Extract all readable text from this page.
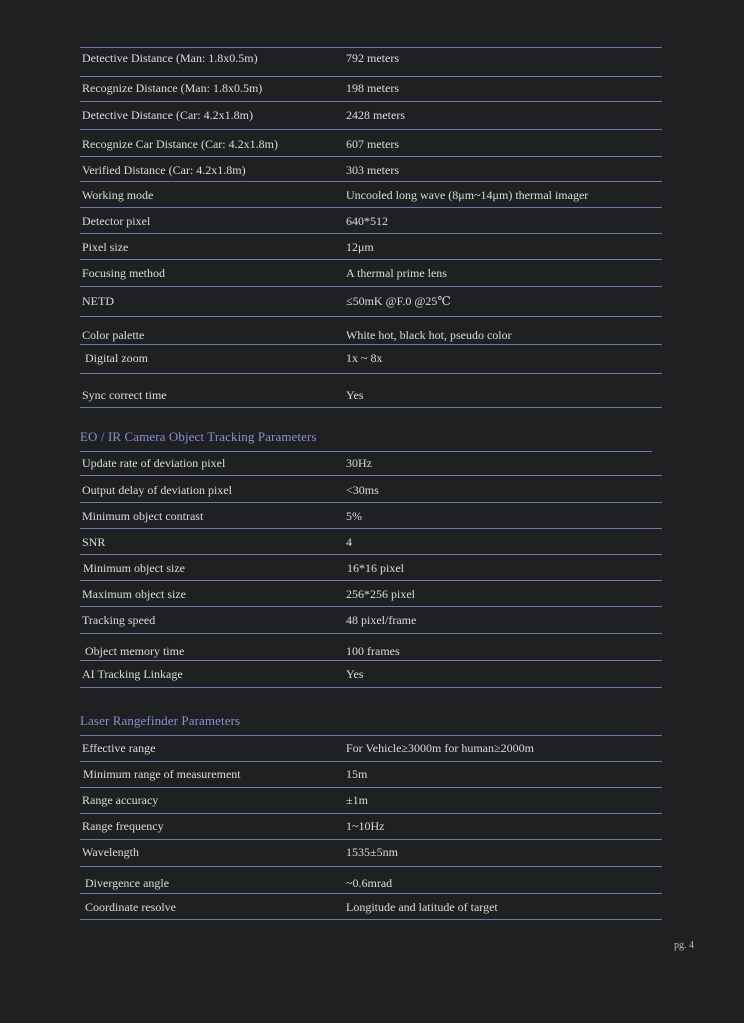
Detective Distance (Man: 1.8x0.5m)	792 meters
Recognize Distance (Man: 1.8x0.5m)	198 meters
Detective Distance (Car: 4.2x1.8m)	2428 meters
Recognize Car Distance (Car: 4.2x1.8m)	607 meters
Verified Distance (Car: 4.2x1.8m)	303 meters
Working mode	Uncooled long wave (8μm~14μm) thermal imager
Detector pixel	640*512
Pixel size	12μm
Focusing method	A thermal prime lens
NETD	≤50mK @F.0 @25℃
Color palette	White hot, black hot, pseudo color
Digital zoom	1x ~ 8x
Sync correct time	Yes
EO / IR Camera Object Tracking Parameters
Update rate of deviation pixel	30Hz
Output delay of deviation pixel	<30ms
Minimum object contrast	5%
SNR	4
Minimum object size	16*16 pixel
Maximum object size	256*256 pixel
Tracking speed	48 pixel/frame
Object memory time	100 frames
AI Tracking Linkage	Yes
Laser Rangefinder Parameters
Effective range	For Vehicle≥3000m for human≥2000m
Minimum range of measurement	15m
Range accuracy	±1m
Range frequency	1~10Hz
Wavelength	1535±5nm
Divergence angle	~0.6mrad
Coordinate resolve	Longitude and latitude of target
pg. 4
